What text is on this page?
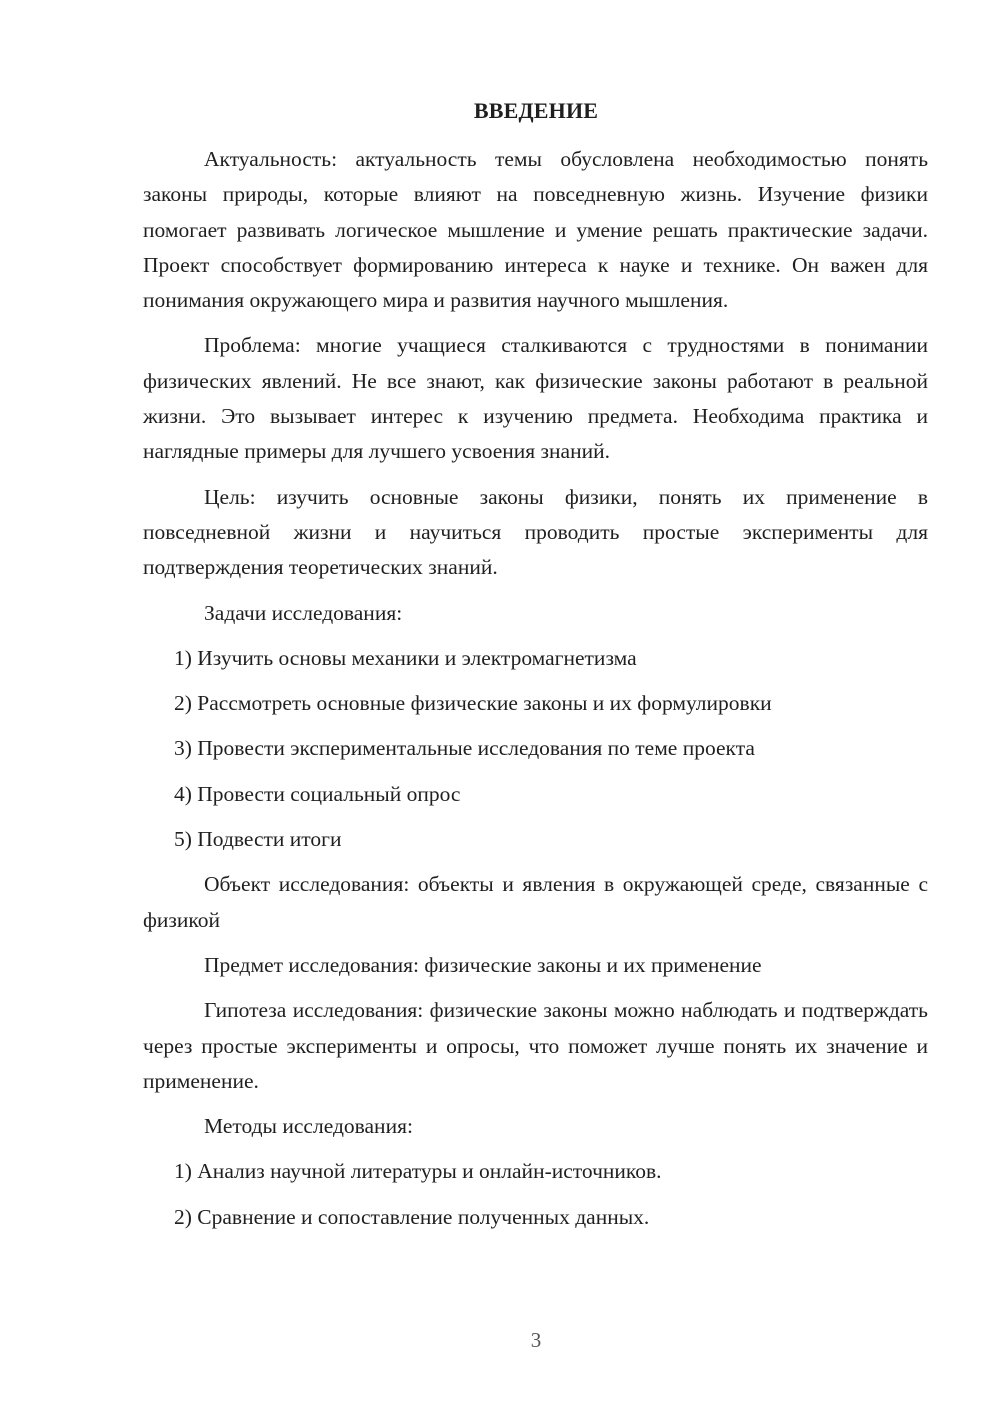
ВВЕДЕНИЕ

Актуальность: актуальность темы обусловлена необходимостью понять законы природы, которые влияют на повседневную жизнь. Изучение физики помогает развивать логическое мышление и умение решать практические задачи. Проект способствует формированию интереса к науке и технике. Он важен для понимания окружающего мира и развития научного мышления.

Проблема: многие учащиеся сталкиваются с трудностями в понимании физических явлений. Не все знают, как физические законы работают в реальной жизни. Это вызывает интерес к изучению предмета. Необходима практика и наглядные примеры для лучшего усвоения знаний.

Цель: изучить основные законы физики, понять их применение в повседневной жизни и научиться проводить простые эксперименты для подтверждения теоретических знаний.

Задачи исследования:

1) Изучить основы механики и электромагнетизма

2) Рассмотреть основные физические законы и их формулировки

3) Провести экспериментальные исследования по теме проекта

4) Провести социальный опрос

5) Подвести итоги

Объект исследования: объекты и явления в окружающей среде, связанные с физикой

Предмет исследования: физические законы и их применение

Гипотеза исследования: физические законы можно наблюдать и подтверждать через простые эксперименты и опросы, что поможет лучше понять их значение и применение.

Методы исследования:

1) Анализ научной литературы и онлайн-источников.

2) Сравнение и сопоставление полученных данных.

3
